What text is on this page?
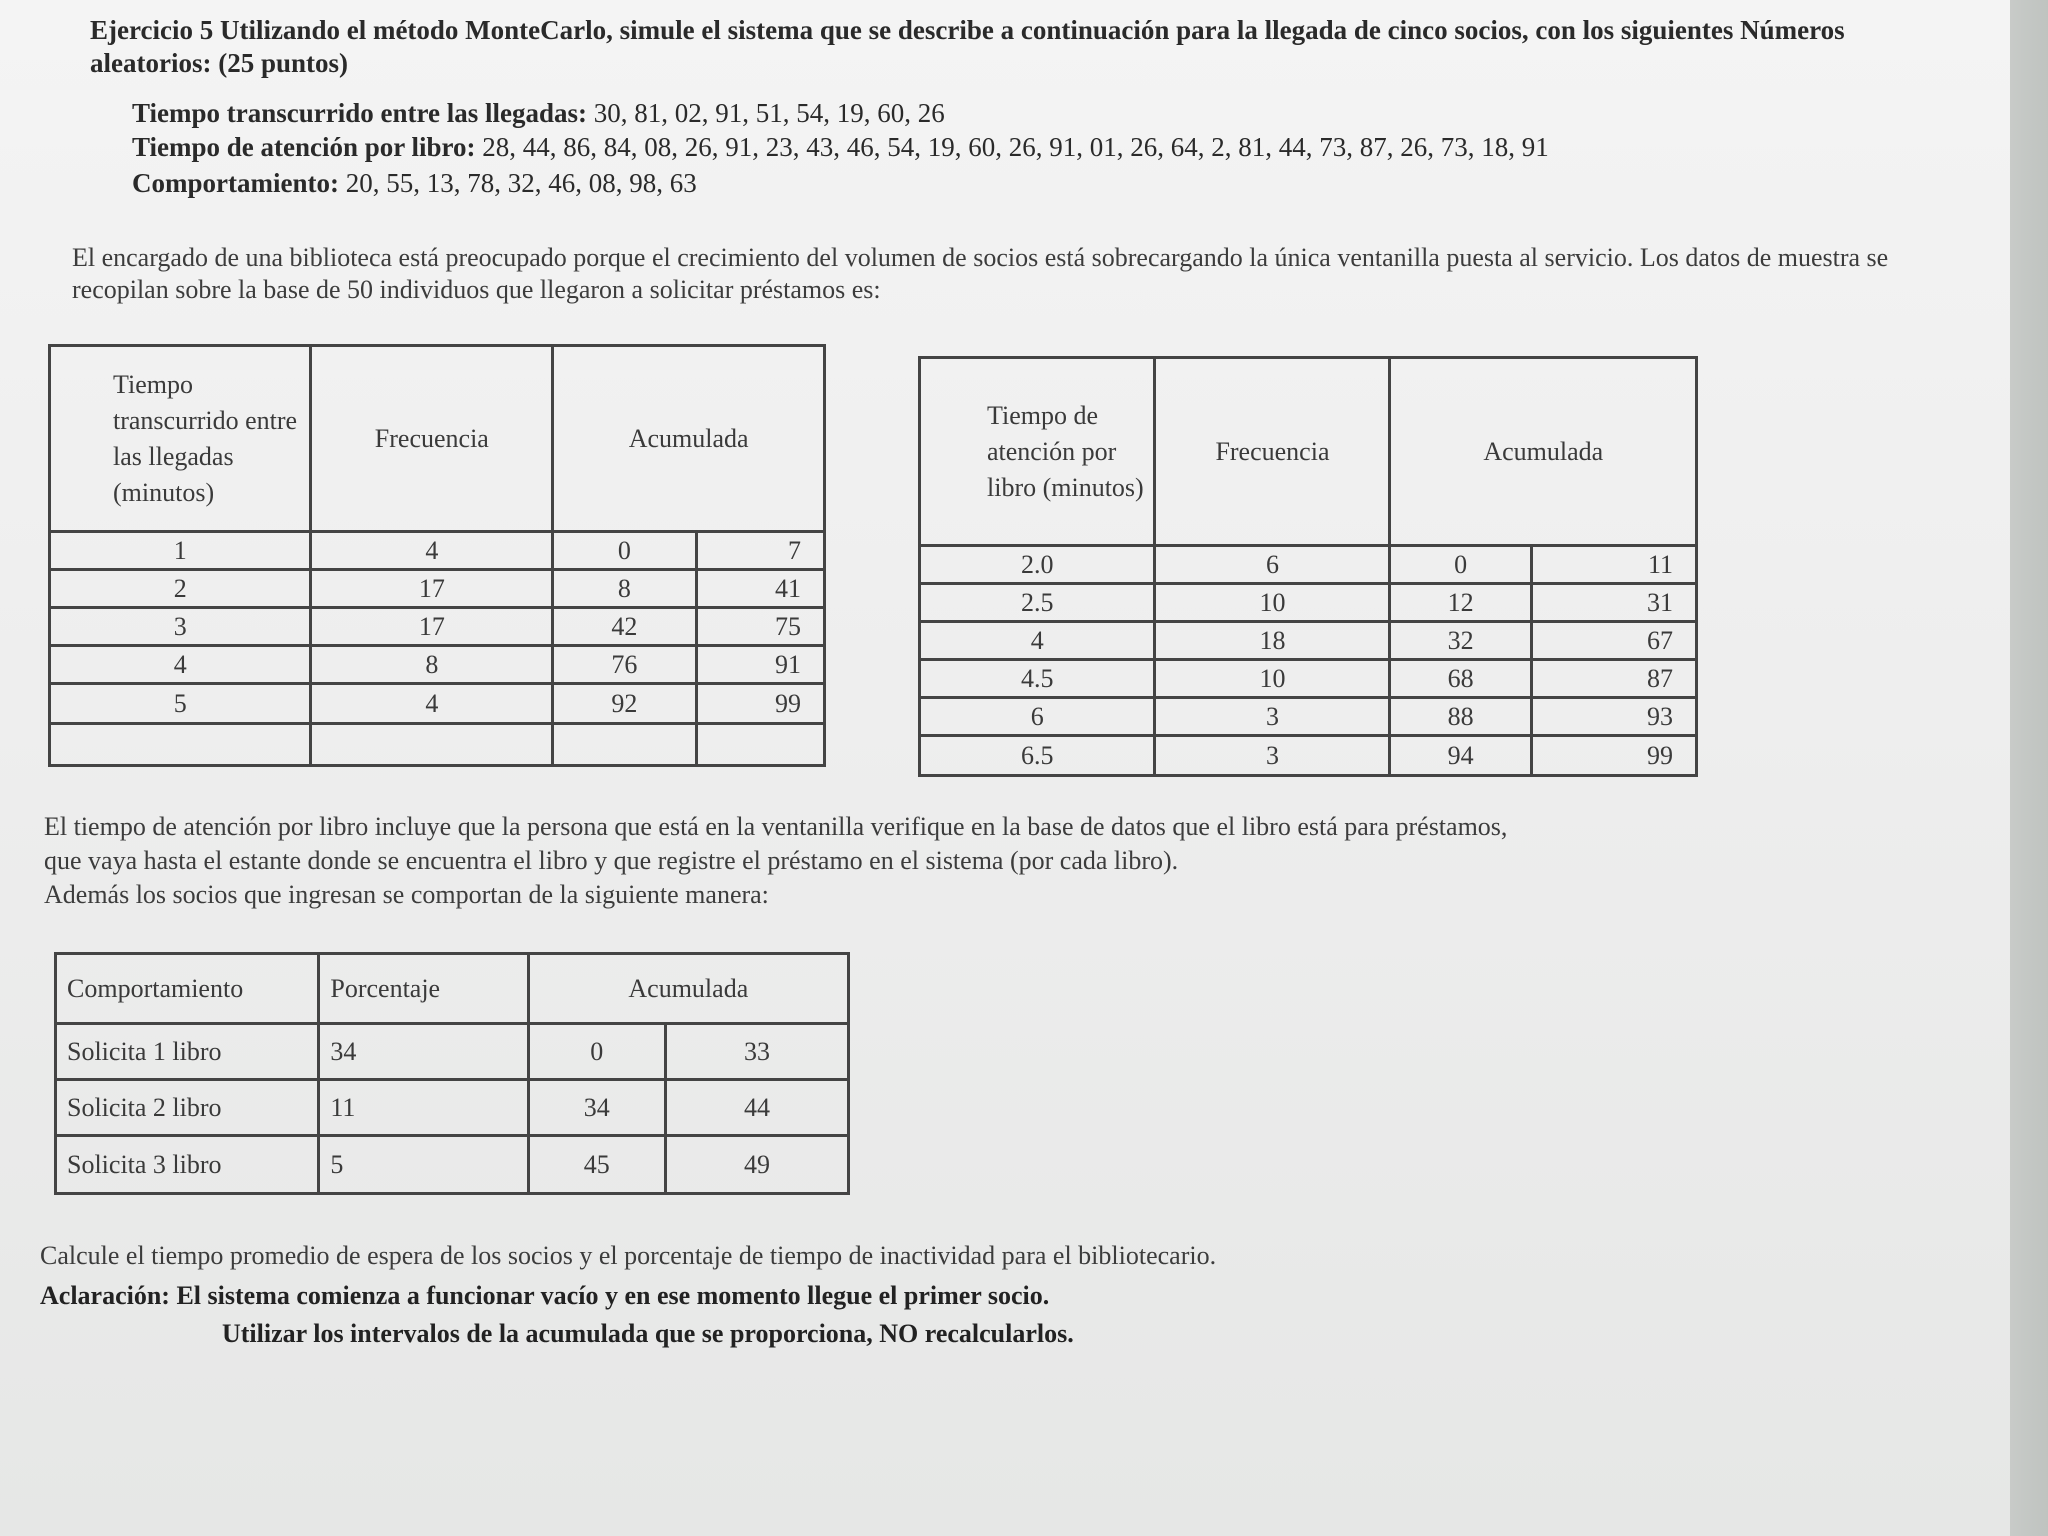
Ejercicio 5 Utilizando el método MonteCarlo, simule el sistema que se describe a continuación para la llegada de cinco socios, con los siguientes Números aleatorios: (25 puntos)
Tiempo transcurrido entre las llegadas: 30, 81, 02, 91, 51, 54, 19, 60, 26
Tiempo de atención por libro: 28, 44, 86, 84, 08, 26, 91, 23, 43, 46, 54, 19, 60, 26, 91, 01, 26, 64, 2, 81, 44, 73, 87, 26, 73, 18, 91
Comportamiento: 20, 55, 13, 78, 32, 46, 08, 98, 63
El encargado de una biblioteca está preocupado porque el crecimiento del volumen de socios está sobrecargando la única ventanilla puesta al servicio. Los datos de muestra se recopilan sobre la base de 50 individuos que llegaron a solicitar préstamos es:
Tiempo transcurrido entre las llegadas (minutos)	Frecuencia	Acumulada	
1	4	0	7
2	17	8	41
3	17	42	75
4	8	76	91
5	4	92	99

Tiempo de atención por libro (minutos)	Frecuencia	Acumulada	
2.0	6	0	11
2.5	10	12	31
4	18	32	67
4.5	10	68	87
6	3	88	93
6.5	3	94	99
El tiempo de atención por libro incluye que la persona que está en la ventanilla verifique en la base de datos que el libro está para préstamos,
que vaya hasta el estante donde se encuentra el libro y que registre el préstamo en el sistema (por cada libro).
Además los socios que ingresan se comportan de la siguiente manera:
Comportamiento	Porcentaje	Acumulada	
Solicita 1 libro	34	0	33
Solicita 2 libro	11	34	44
Solicita 3 libro	5	45	49
Calcule el tiempo promedio de espera de los socios y el porcentaje de tiempo de inactividad para el bibliotecario.
Aclaración: El sistema comienza a funcionar vacío y en ese momento llegue el primer socio.
Utilizar los intervalos de la acumulada que se proporciona, NO recalcularlos.
